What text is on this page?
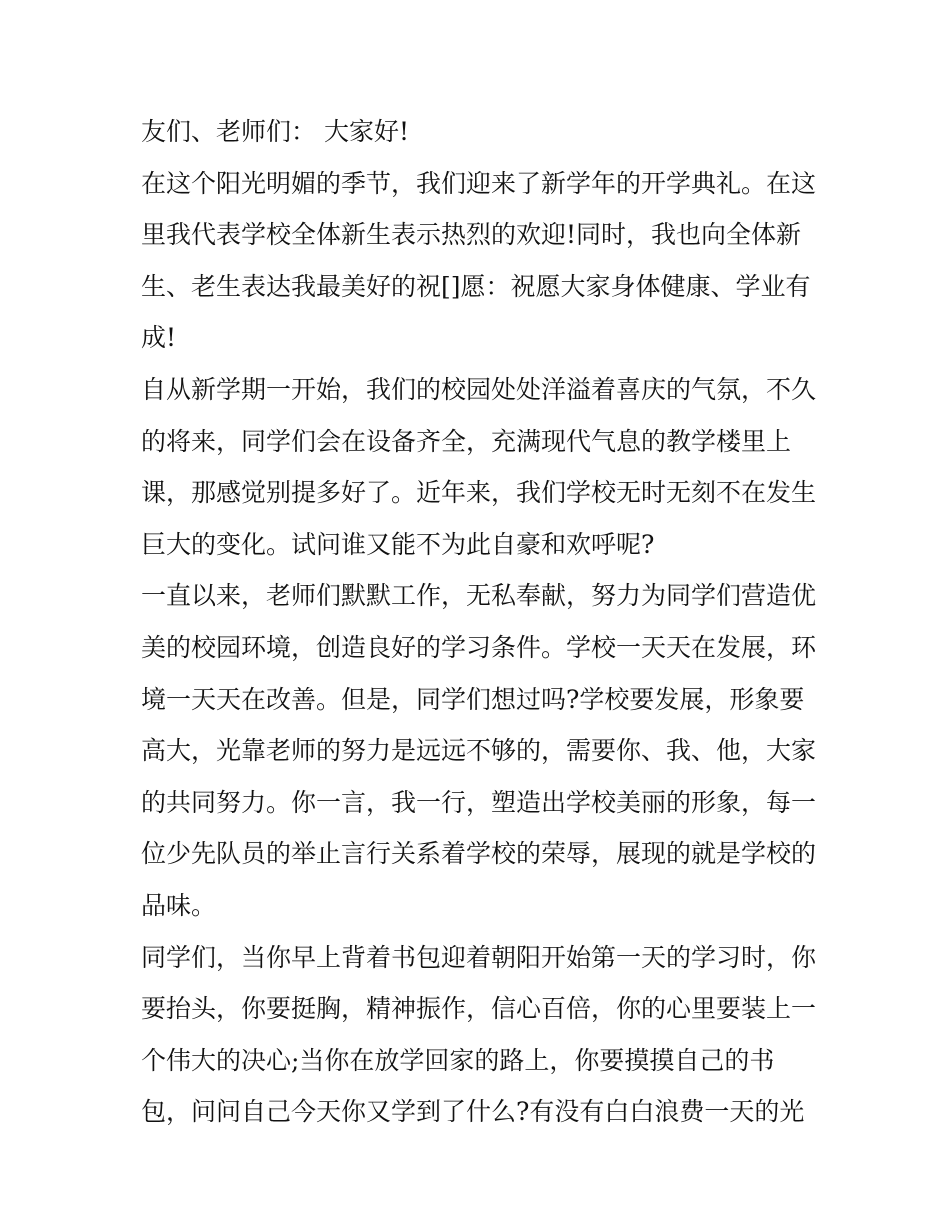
友们、老师们： 大家好!
在这个阳光明媚的季节，我们迎来了新学年的开学典礼。在这
里我代表学校全体新生表示热烈的欢迎!同时，我也向全体新
生、老生表达我最美好的祝[]愿：祝愿大家身体健康、学业有
成!
自从新学期一开始，我们的校园处处洋溢着喜庆的气氛，不久
的将来，同学们会在设备齐全，充满现代气息的教学楼里上
课，那感觉别提多好了。近年来，我们学校无时无刻不在发生
巨大的变化。试问谁又能不为此自豪和欢呼呢?
一直以来，老师们默默工作，无私奉献，努力为同学们营造优
美的校园环境，创造良好的学习条件。学校一天天在发展，环
境一天天在改善。但是，同学们想过吗?学校要发展，形象要
高大，光靠老师的努力是远远不够的，需要你、我、他，大家
的共同努力。你一言，我一行，塑造出学校美丽的形象，每一
位少先队员的举止言行关系着学校的荣辱，展现的就是学校的
品味。
同学们，当你早上背着书包迎着朝阳开始第一天的学习时，你
要抬头，你要挺胸，精神振作，信心百倍，你的心里要装上一
个伟大的决心;当你在放学回家的路上，你要摸摸自己的书
包，问问自己今天你又学到了什么?有没有白白浪费一天的光
